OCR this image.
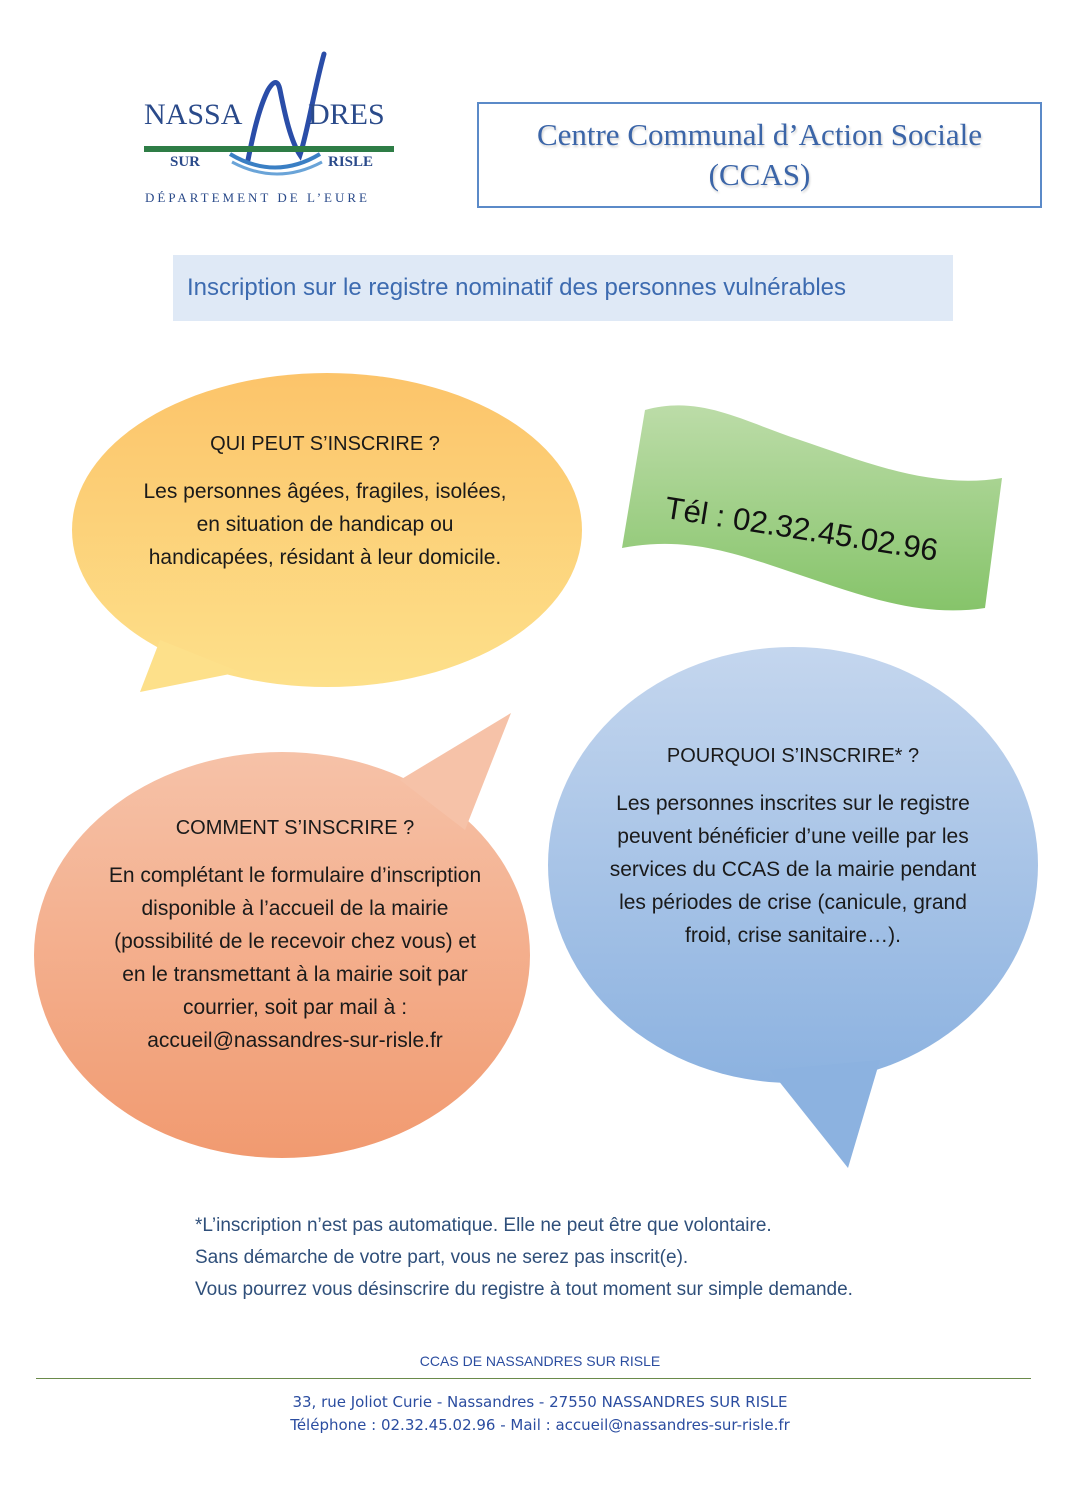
NASSA DRES
SUR	RISLE
DÉPARTEMENT DE L’EURE
Centre Communal d’Action Sociale
(CCAS)
Inscription sur le registre nominatif des personnes vulnérables
Tél : 02.32.45.02.96
QUI PEUT S’INSCRIRE ?
Les personnes âgées, fragiles, isolées, en situation de handicap ou handicapées, résidant à leur domicile.
COMMENT S’INSCRIRE ?
En complétant le formulaire d’inscription disponible à l’accueil de la mairie (possibilité de le recevoir chez vous) et en le transmettant à la mairie soit par courrier, soit par mail à : accueil@nassandres-sur-risle.fr
POURQUOI S’INSCRIRE* ?
Les personnes inscrites sur le registre peuvent bénéficier d’une veille par les services du CCAS de la mairie pendant les périodes de crise (canicule, grand froid, crise sanitaire…).
*L’inscription n’est pas automatique. Elle ne peut être que volontaire.
Sans démarche de votre part, vous ne serez pas inscrit(e).
Vous pourrez vous désinscrire du registre à tout moment sur simple demande.
CCAS DE NASSANDRES SUR RISLE
33, rue Joliot Curie - Nassandres - 27550 NASSANDRES SUR RISLE
Téléphone : 02.32.45.02.96 - Mail : accueil@nassandres-sur-risle.fr
